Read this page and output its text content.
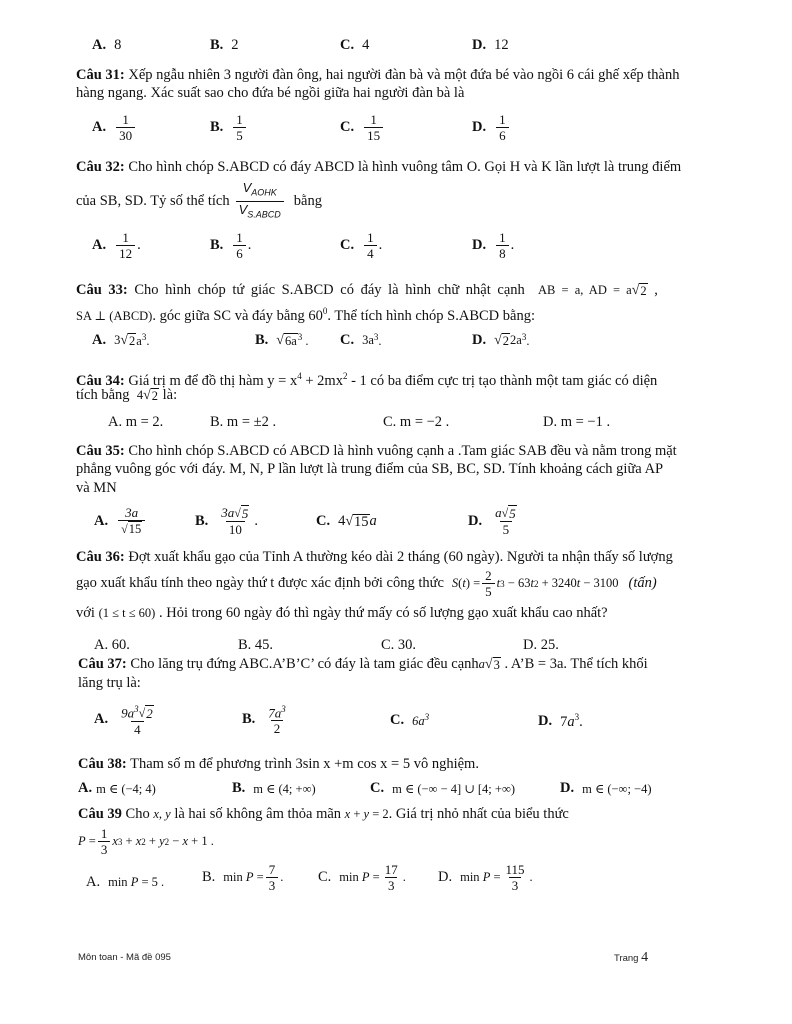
A. 8	B. 2	C. 4	D. 12
Câu 31: Xếp ngẫu nhiên 3 người đàn ông, hai người đàn bà và một đứa bé vào ngồi 6 cái ghế xếp thành
hàng ngang. Xác suất sao cho đứa bé ngồi giữa hai người đàn bà là
A. $\frac{1}{30}$	B. $\frac{1}{5}$	C. $\frac{1}{15}$	D. $\frac{1}{6}$
Câu 32: Cho hình chóp S.ABCD có đáy ABCD là hình vuông tâm O. Gọi H và K lần lượt là trung điểm
của SB, SD. Tỷ số thể tích $\frac{V_{AOHK}}{V_{S.ABCD}}$ bằng
A. $\frac{1}{12}$ .	B. $\frac{1}{6}$ .	C. $\frac{1}{4}$ .	D. $\frac{1}{8}$ .
Câu 33: Cho hình chóp tứ giác S.ABCD có đáy là hình chữ nhật cạnh AB = a, AD = a √ 2 ,
SA ⊥ (ABCD). góc giữa SC và đáy bằng $60^0$. Thể tích hình chóp S.ABCD bằng:
A. 3 √ 2 $a^3$.	B. √ 6a $^3$ . C. 3a $^3$.	D. √ 2 2a $^3$.
Câu 34: Giá trị m để đồ thị hàm $y = x^4 + 2mx^2 - 1$ có ba điểm cực trị tạo thành một tam giác có diện
tích bằng 4 √ 2 là:
A. m = 2.	B. m = ±2 .	C. m = −2 .	D. m = −1 .
Câu 35: Cho hình chóp S.ABCD có ABCD là hình vuông cạnh a .Tam giác SAB đều và nằm trong mặt
phẳng vuông góc với đáy. M, N, P lần lượt là trung điểm của SB, BC, SD. Tính khoảng cách giữa AP
và MN
A. $\frac{3a}{√ 15}$	B. $\frac{3a √ 5}{10}$ .	C. 4 √ 15 a	D. $\frac{a √ 5}{5}$
Câu 36: Đợt xuất khẩu gạo của Tỉnh A thường kéo dài 2 tháng (60 ngày). Người ta nhận thấy số lượng
gạo xuất khẩu tính theo ngày thứ t được xác định bởi công thức S ( t ) = $\frac{2}{5}$ t 3 − 63 t 2 + 3240 t − 3100 (tấn)
với (1 ≤ t ≤ 60) . Hỏi trong 60 ngày đó thì ngày thứ mấy có số lượng gạo xuất khẩu cao nhất?
A. 60.	B. 45.	C. 30.	D. 25.
Câu 37: Cho lăng trụ đứng ABC.A’B’C’ có đáy là tam giác đều cạnha √ 3 . A’B = 3a. Thể tích khối
lăng trụ là:
A. $\frac{9a^3 √ 2}{4}$	B. $\frac{7a^3}{2}$	C. $6a^3$	D. $7a^3$.
Câu 38: Tham số m để phương trình 3sin x +m cos x = 5 vô nghiệm.
A. m ∈ (−4; 4)	B. m ∈ (4; +∞)	C. m ∈ (−∞ − 4] ∪ [4; +∞)	D. m ∈ (−∞; −4)
Câu 39 Cho x, y là hai số không âm thỏa mãn x + y = 2. Giá trị nhỏ nhất của biểu thức
$P = \frac{1}{3}$ x 3 + x 2 + y 2 − x + 1 .
A. min P = 5 .	B. $\min P = \frac{7}{3}$ . C. $\min P = \frac{17}{3}$ . D. $\min P = \frac{115}{3}$ .
Môn toan - Mã đề 095	Trang 4
